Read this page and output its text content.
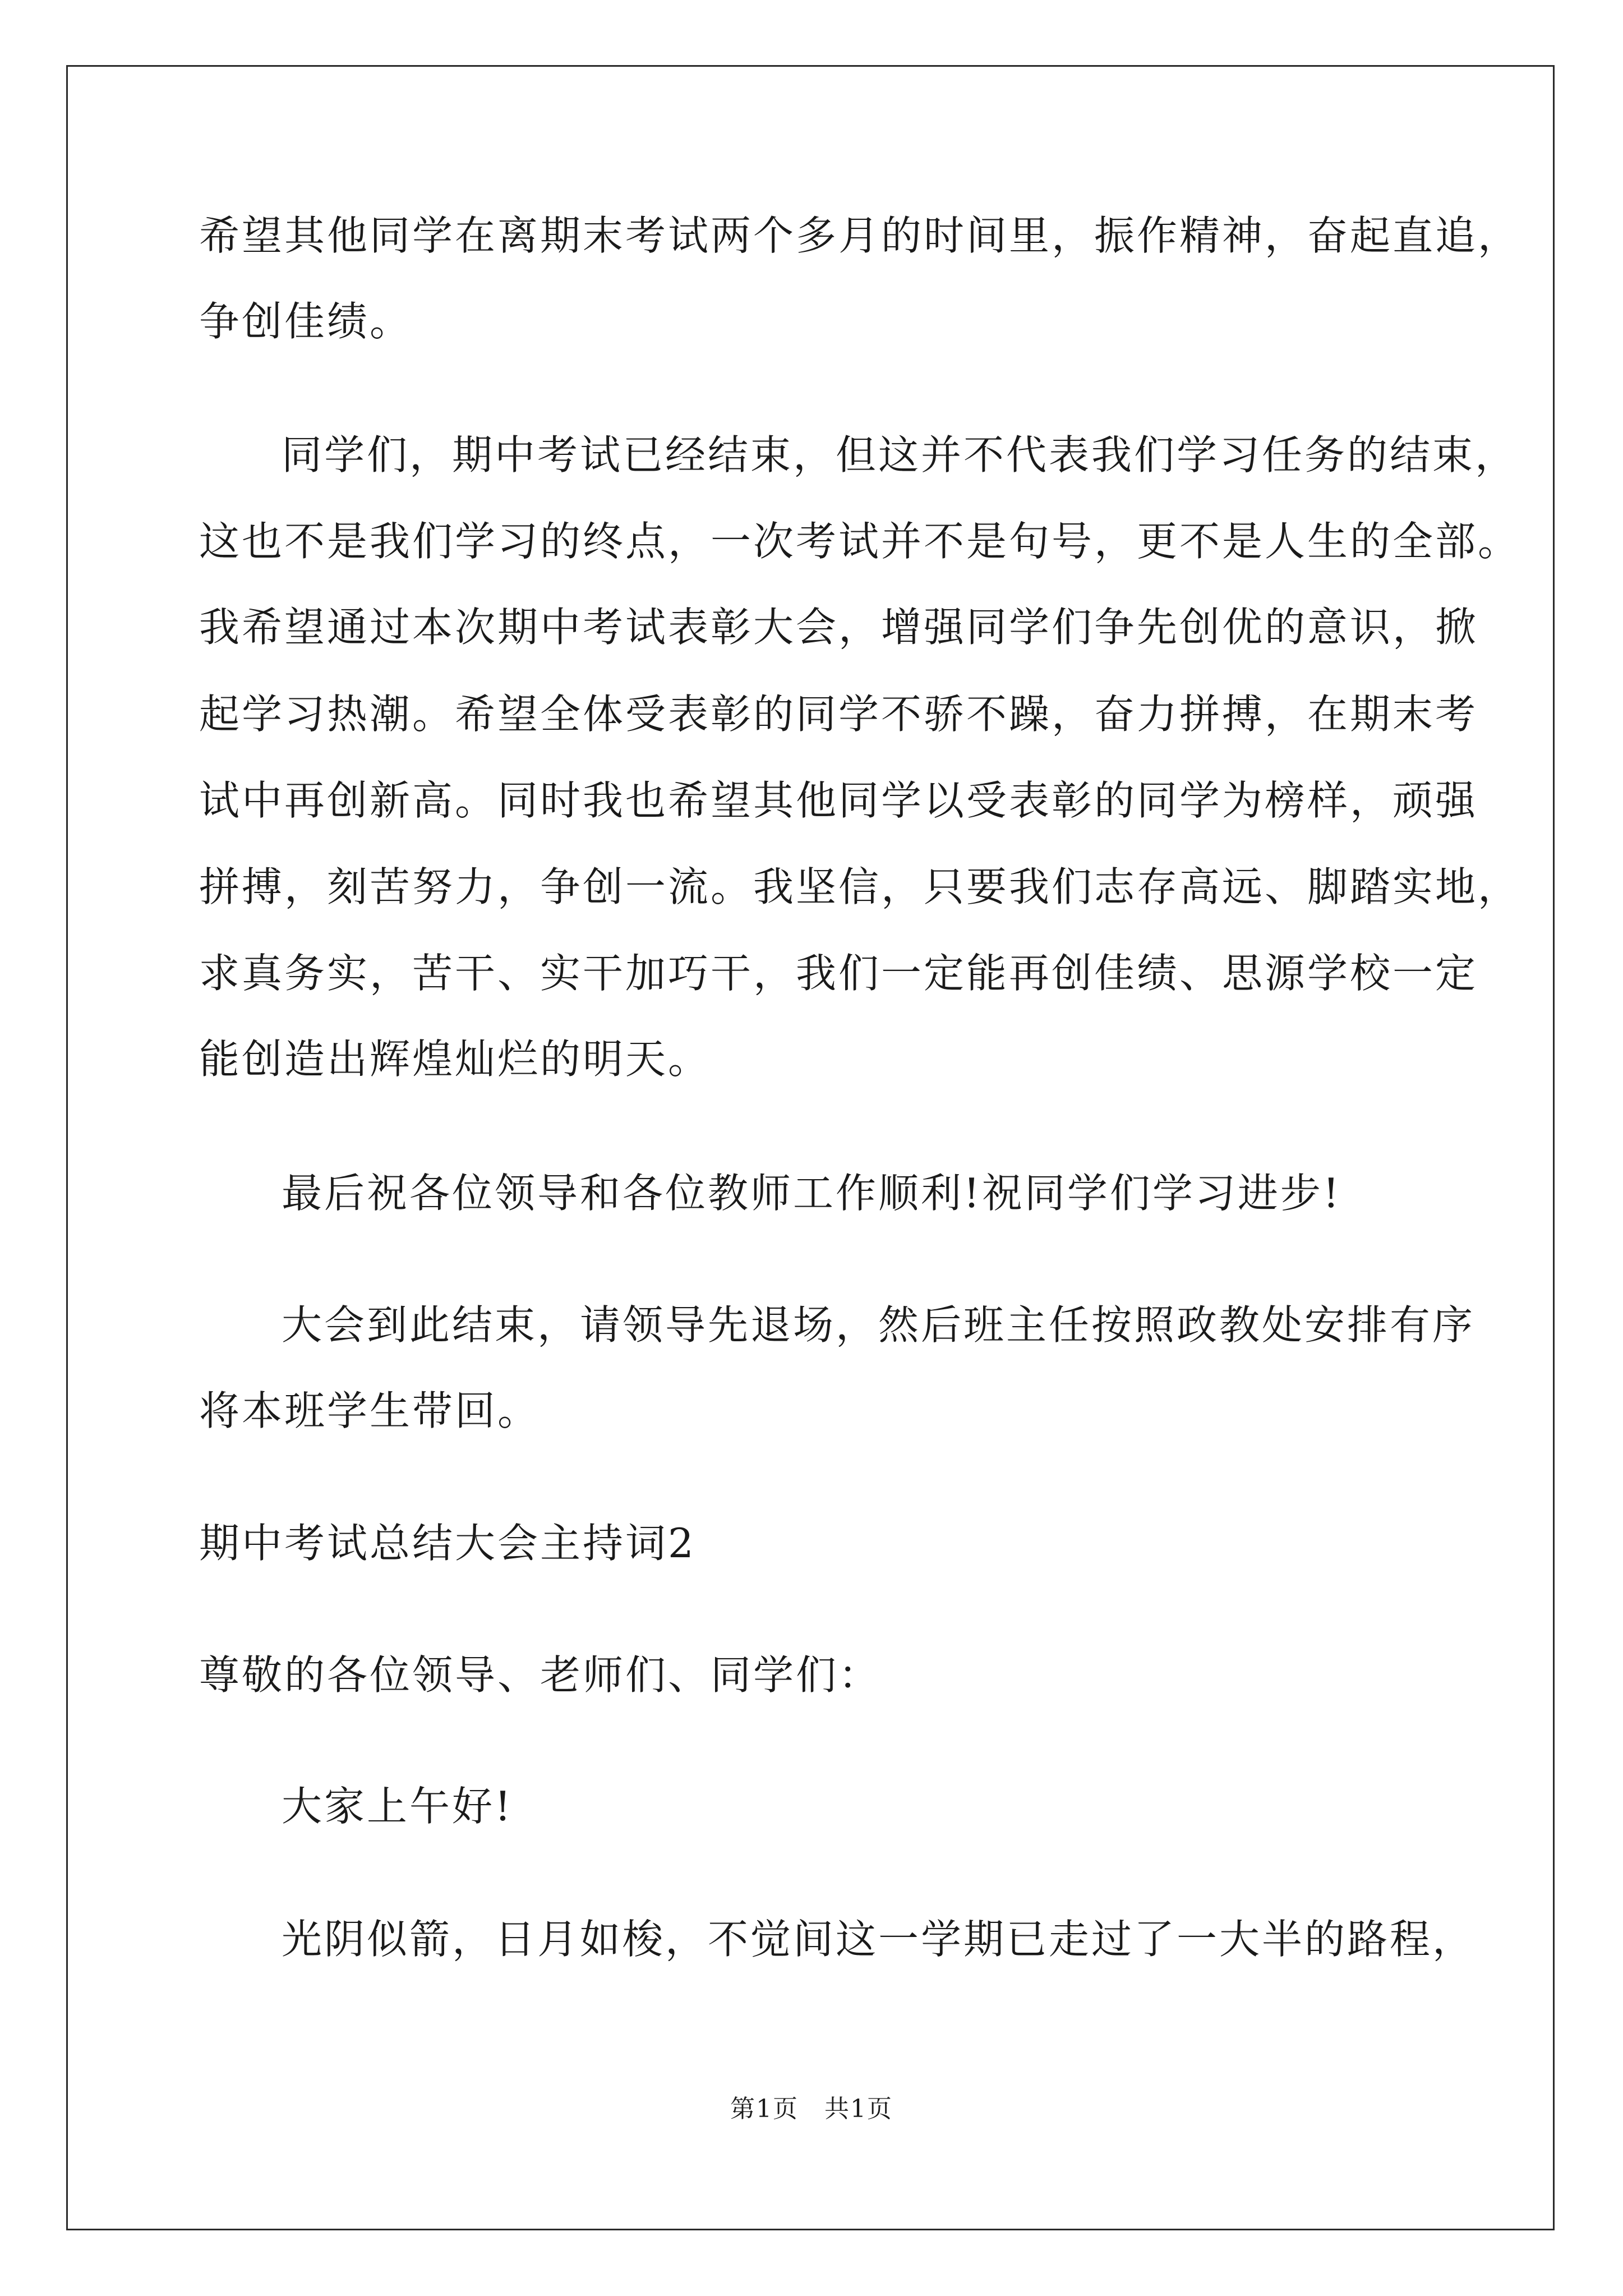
希望其他同学在离期末考试两个多月的时间里，振作精神，奋起直追，
争创佳绩。
同学们，期中考试已经结束，但这并不代表我们学习任务的结束，
这也不是我们学习的终点，一次考试并不是句号，更不是人生的全部。
我希望通过本次期中考试表彰大会，增强同学们争先创优的意识，掀
起学习热潮。希望全体受表彰的同学不骄不躁，奋力拼搏，在期末考
试中再创新高。同时我也希望其他同学以受表彰的同学为榜样，顽强
拼搏，刻苦努力，争创一流。我坚信，只要我们志存高远、脚踏实地，
求真务实，苦干、实干加巧干，我们一定能再创佳绩、思源学校一定
能创造出辉煌灿烂的明天。
最后祝各位领导和各位教师工作顺利!祝同学们学习进步!
大会到此结束，请领导先退场，然后班主任按照政教处安排有序
将本班学生带回。
期中考试总结大会主持词2
尊敬的各位领导、老师们、同学们：
大家上午好!
光阴似箭，日月如梭，不觉间这一学期已走过了一大半的路程，
第1页　共1页
